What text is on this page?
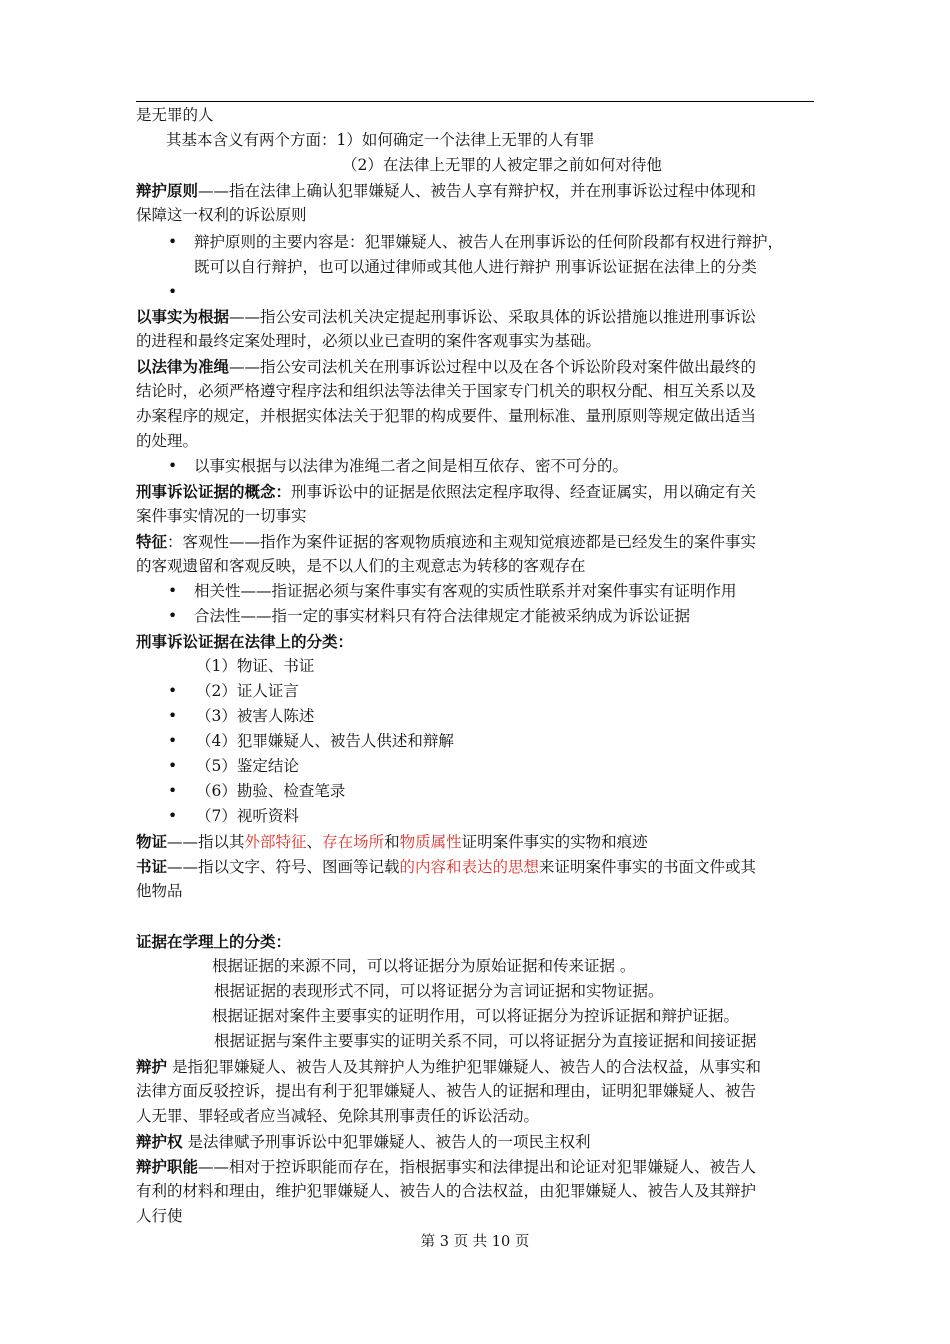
是无罪的人
其基本含义有两个方面：1）如何确定一个法律上无罪的人有罪
（2）在法律上无罪的人被定罪之前如何对待他
辩护原则——指在法律上确认犯罪嫌疑人、被告人享有辩护权，并在刑事诉讼过程中体现和
保障这一权利的诉讼原则
• 辩护原则的主要内容是：犯罪嫌疑人、被告人在刑事诉讼的任何阶段都有权进行辩护，
既可以自行辩护，也可以通过律师或其他人进行辩护 刑事诉讼证据在法律上的分类
•
以事实为根据——指公安司法机关决定提起刑事诉讼、采取具体的诉讼措施以推进刑事诉讼
的进程和最终定案处理时，必须以业已查明的案件客观事实为基础。
以法律为准绳——指公安司法机关在刑事诉讼过程中以及在各个诉讼阶段对案件做出最终的
结论时，必须严格遵守程序法和组织法等法律关于国家专门机关的职权分配、相互关系以及
办案程序的规定，并根据实体法关于犯罪的构成要件、量刑标准、量刑原则等规定做出适当
的处理。
• 以事实根据与以法律为准绳二者之间是相互依存、密不可分的。
刑事诉讼证据的概念：刑事诉讼中的证据是依照法定程序取得、经查证属实，用以确定有关
案件事实情况的一切事实
特征：客观性——指作为案件证据的客观物质痕迹和主观知觉痕迹都是已经发生的案件事实
的客观遗留和客观反映，是不以人们的主观意志为转移的客观存在
• 相关性——指证据必须与案件事实有客观的实质性联系并对案件事实有证明作用
• 合法性——指一定的事实材料只有符合法律规定才能被采纳成为诉讼证据
刑事诉讼证据在法律上的分类：
（1）物证、书证
• （2）证人证言
• （3）被害人陈述
• （4）犯罪嫌疑人、被告人供述和辩解
• （5）鉴定结论
• （6）勘验、检查笔录
• （7）视听资料
物证——指以其外部特征、存在场所和物质属性证明案件事实的实物和痕迹
书证——指以文字、符号、图画等记载的内容和表达的思想来证明案件事实的书面文件或其
他物品
证据在学理上的分类：
根据证据的来源不同，可以将证据分为原始证据和传来证据 。
根据证据的表现形式不同，可以将证据分为言词证据和实物证据。
根据证据对案件主要事实的证明作用，可以将证据分为控诉证据和辩护证据。
根据证据与案件主要事实的证明关系不同，可以将证据分为直接证据和间接证据
辩护 是指犯罪嫌疑人、被告人及其辩护人为维护犯罪嫌疑人、被告人的合法权益，从事实和
法律方面反驳控诉，提出有利于犯罪嫌疑人、被告人的证据和理由，证明犯罪嫌疑人、被告
人无罪、罪轻或者应当减轻、免除其刑事责任的诉讼活动。
辩护权 是法律赋予刑事诉讼中犯罪嫌疑人、被告人的一项民主权利
辩护职能——相对于控诉职能而存在，指根据事实和法律提出和论证对犯罪嫌疑人、被告人
有利的材料和理由，维护犯罪嫌疑人、被告人的合法权益，由犯罪嫌疑人、被告人及其辩护
人行使
第 3 页 共 10 页
